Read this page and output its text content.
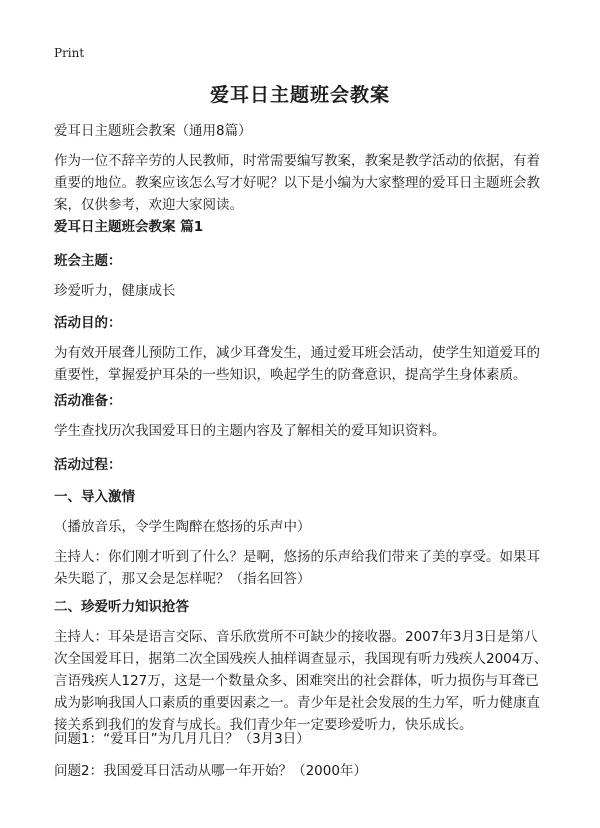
Print
爱耳日主题班会教案

爱耳日主题班会教案（通用8篇）

作为一位不辞辛劳的人民教师，时常需要编写教案，教案是教学活动的依据，有着重要的地位。教案应该怎么写才好呢？以下是小编为大家整理的爱耳日主题班会教案，仅供参考，欢迎大家阅读。

爱耳日主题班会教案 篇1

班会主题：

珍爱听力，健康成长

活动目的：

为有效开展聋儿预防工作，减少耳聋发生，通过爱耳班会活动，使学生知道爱耳的重要性，掌握爱护耳朵的一些知识，唤起学生的防聋意识，提高学生身体素质。

活动准备：

学生查找历次我国爱耳日的主题内容及了解相关的爱耳知识资料。

活动过程：

一、导入激情

（播放音乐，令学生陶醉在悠扬的乐声中）

主持人：你们刚才听到了什么？是啊，悠扬的乐声给我们带来了美的享受。如果耳朵失聪了，那又会是怎样呢？（指名回答）

二、珍爱听力知识抢答

主持人：耳朵是语言交际、音乐欣赏所不可缺少的接收器。2007年3月3日是第八次全国爱耳日，据第二次全国残疾人抽样调查显示，我国现有听力残疾人2004万、言语残疾人127万，这是一个数量众多、困难突出的社会群体，听力损伤与耳聋已成为影响我国人口素质的重要因素之一。青少年是社会发展的生力军，听力健康直接关系到我们的发育与成长。我们青少年一定要珍爱听力，快乐成长。

问题1：“爱耳日”为几月几日？（3月3日）

问题2：我国爱耳日活动从哪一年开始？（2000年）
